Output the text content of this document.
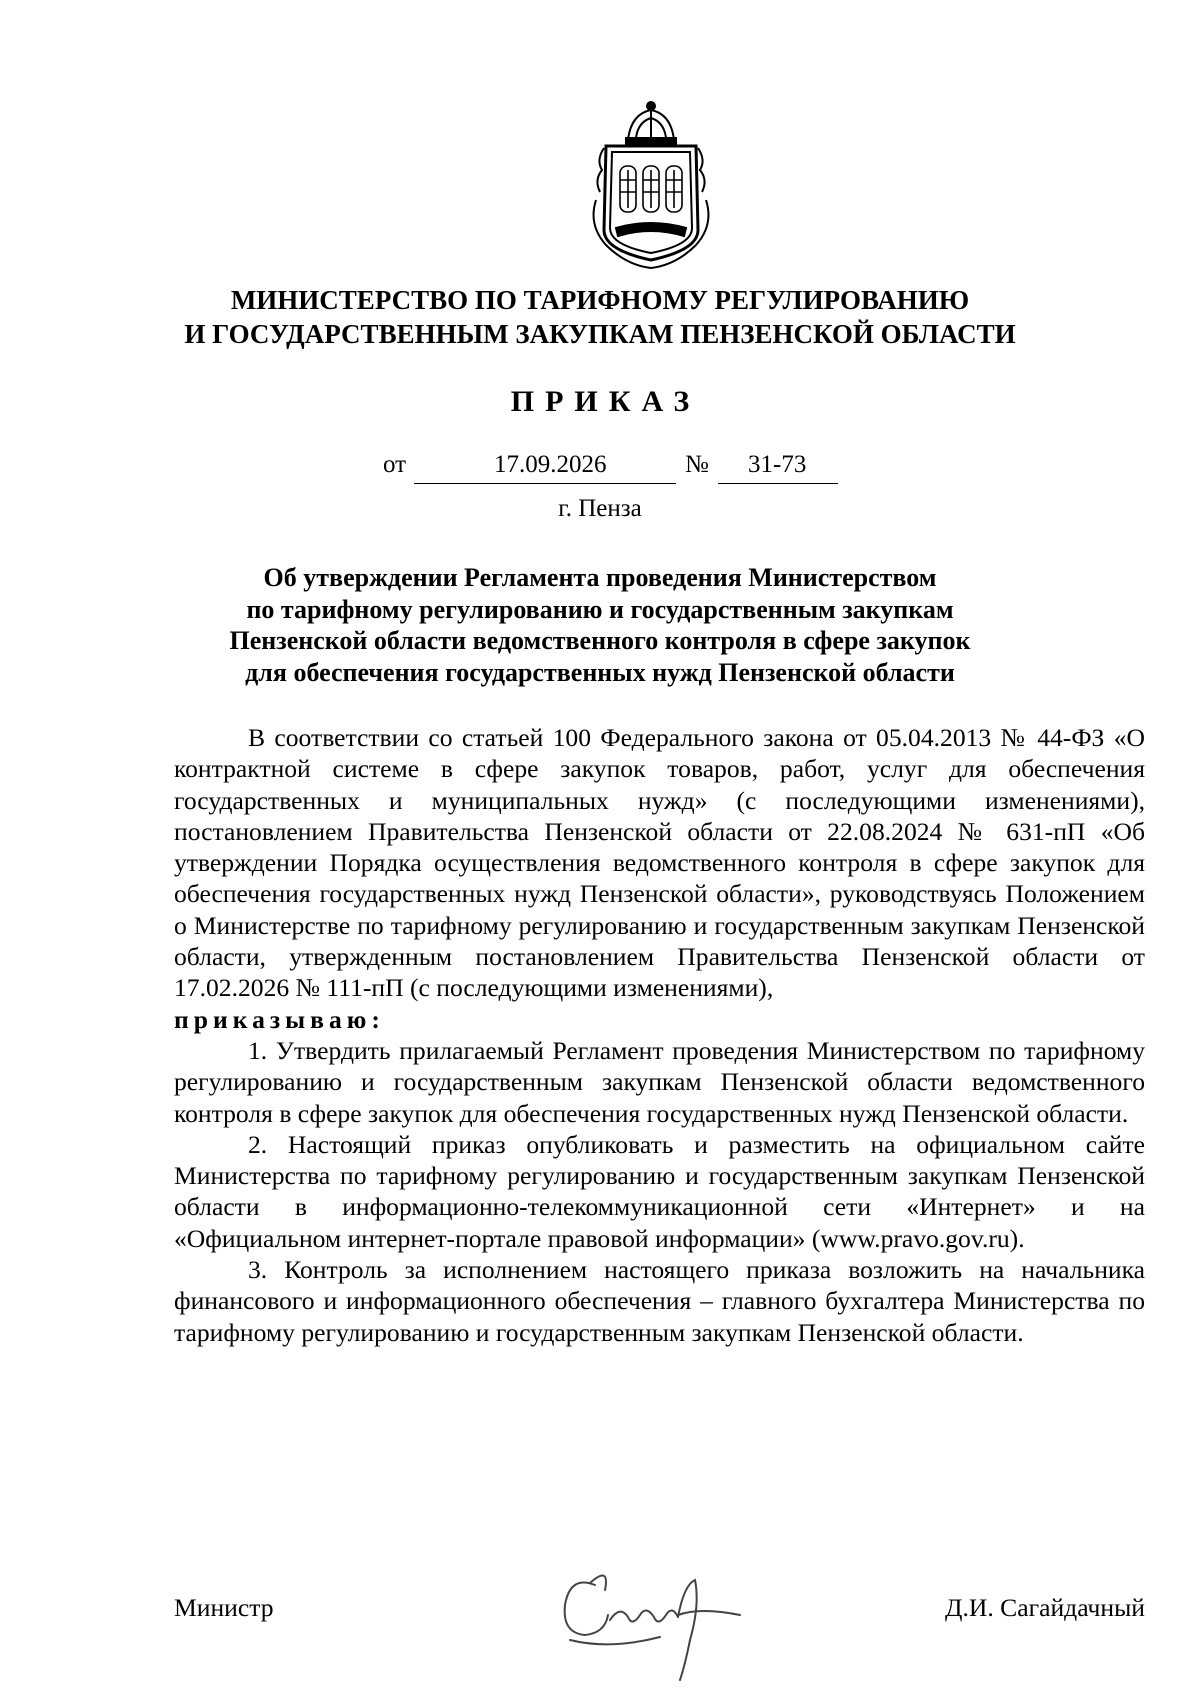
МИНИСТЕРСТВО ПО ТАРИФНОМУ РЕГУЛИРОВАНИЮ
И ГОСУДАРСТВЕННЫМ ЗАКУПКАМ ПЕНЗЕНСКОЙ ОБЛАСТИ
ПРИКАЗ
от	17.09.2026	№ 31-73
г. Пенза
Об утверждении Регламента проведения Министерством
по тарифному регулированию и государственным закупкам
Пензенской области ведомственного контроля в сфере закупок
для обеспечения государственных нужд Пензенской области

В соответствии со статьей 100 Федерального закона от 05.04.2013 № 44-ФЗ «О контрактной системе в сфере закупок товаров, работ, услуг для обеспечения государственных и муниципальных нужд» (с последующими изменениями), постановлением Правительства Пензенской области от 22.08.2024 № 631-пП «Об утверждении Порядка осуществления ведомственного контроля в сфере закупок для обеспечения государственных нужд Пензенской области», руководствуясь Положением о Министерстве по тарифному регулированию и государственным закупкам Пензенской области, утвержденным постановлением Правительства Пензенской области от 17.02.2026 № 111-пП (с последующими изменениями),

приказываю:

1. Утвердить прилагаемый Регламент проведения Министерством по тарифному регулированию и государственным закупкам Пензенской области ведомственного контроля в сфере закупок для обеспечения государственных нужд Пензенской области.

2. Настоящий приказ опубликовать и разместить на официальном сайте Министерства по тарифному регулированию и государственным закупкам Пензенской области в информационно-телекоммуникационной сети «Интернет» и на «Официальном интернет-портале правовой информации» (www.pravo.gov.ru).

3. Контроль за исполнением настоящего приказа возложить на начальника финансового и информационного обеспечения – главного бухгалтера Министерства по тарифному регулированию и государственным закупкам Пензенской области.

Министр	Д.И. Сагайдачный
